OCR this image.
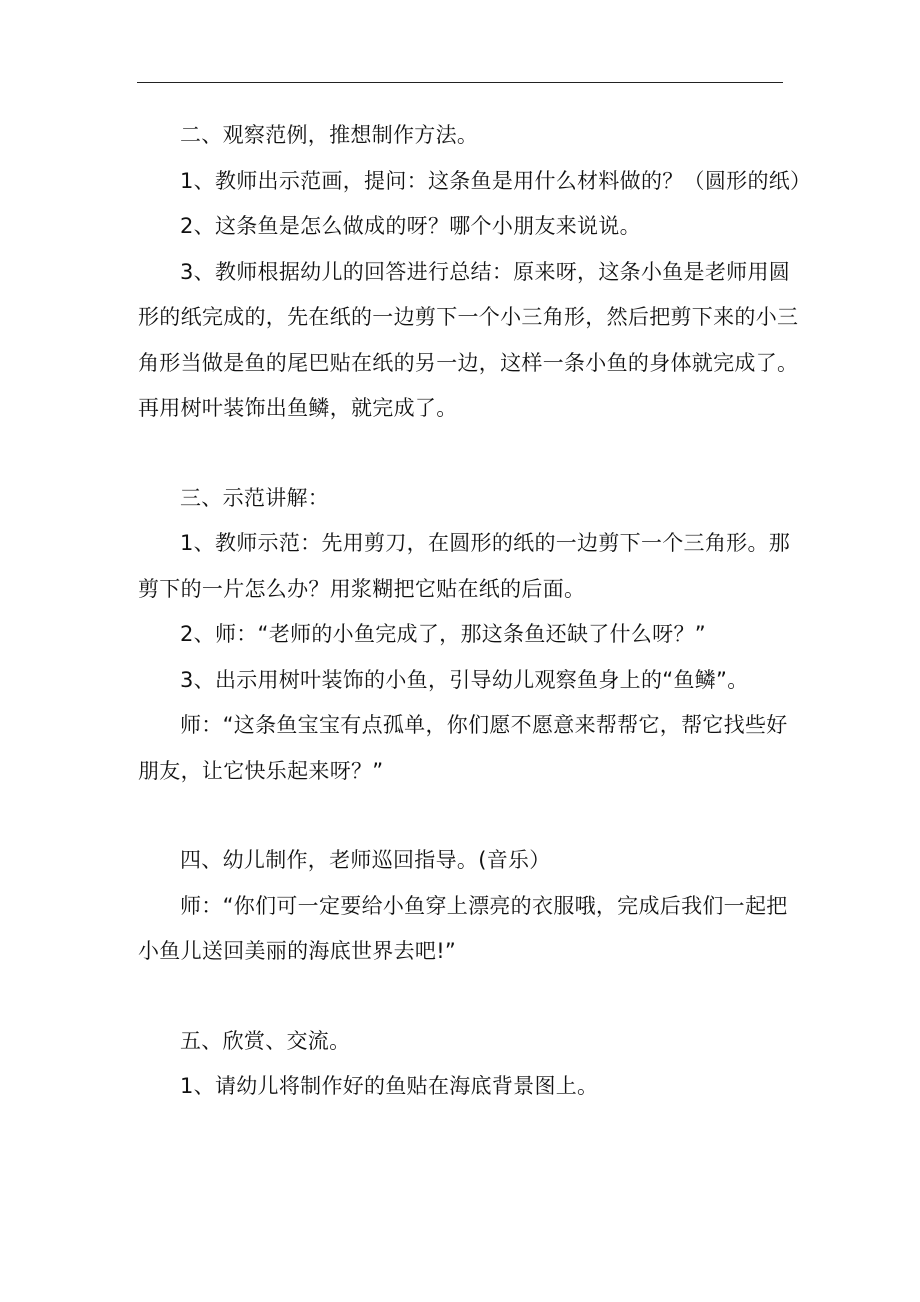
二、观察范例，推想制作方法。

1、教师出示范画，提问：这条鱼是用什么材料做的？（圆形的纸）

2、这条鱼是怎么做成的呀？哪个小朋友来说说。

3、教师根据幼儿的回答进行总结：原来呀，这条小鱼是老师用圆

形的纸完成的，先在纸的一边剪下一个小三角形，然后把剪下来的小三
角形当做是鱼的尾巴贴在纸的另一边，这样一条小鱼的身体就完成了。
再用树叶装饰出鱼鳞，就完成了。

三、示范讲解：

1、教师示范：先用剪刀，在圆形的纸的一边剪下一个三角形。那

剪下的一片怎么办？用浆糊把它贴在纸的后面。

2、师：“老师的小鱼完成了，那这条鱼还缺了什么呀？”

3、出示用树叶装饰的小鱼，引导幼儿观察鱼身上的“鱼鳞”。

师：“这条鱼宝宝有点孤单，你们愿不愿意来帮帮它，帮它找些好

朋友，让它快乐起来呀？”

四、幼儿制作，老师巡回指导。(音乐）

师：“你们可一定要给小鱼穿上漂亮的衣服哦，完成后我们一起把

小鱼儿送回美丽的海底世界去吧!”

五、欣赏、交流。

1、请幼儿将制作好的鱼贴在海底背景图上。
